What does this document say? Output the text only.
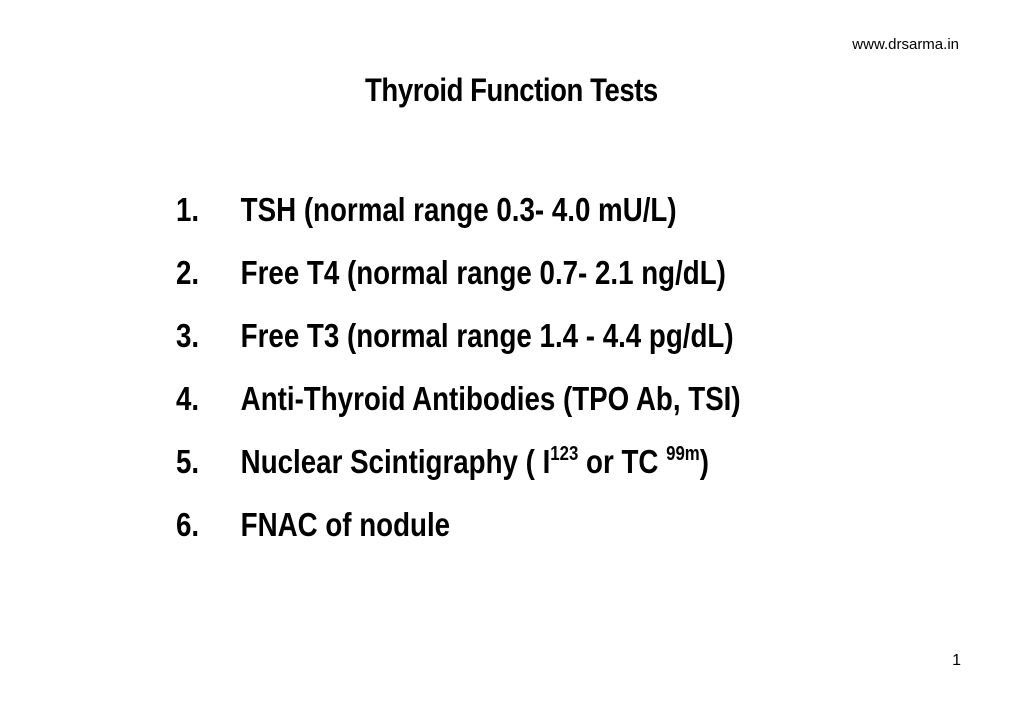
www.drsarma.in
Thyroid Function Tests
1. TSH (normal range 0.3- 4.0 mU/L)
2. Free T4 (normal range 0.7- 2.1 ng/dL)
3. Free T3 (normal range 1.4 - 4.4 pg/dL)
4. Anti-Thyroid Antibodies (TPO Ab, TSI)
5. Nuclear Scintigraphy ( $I^{123}$ or TC $^{99m}$)
6. FNAC of nodule
1
